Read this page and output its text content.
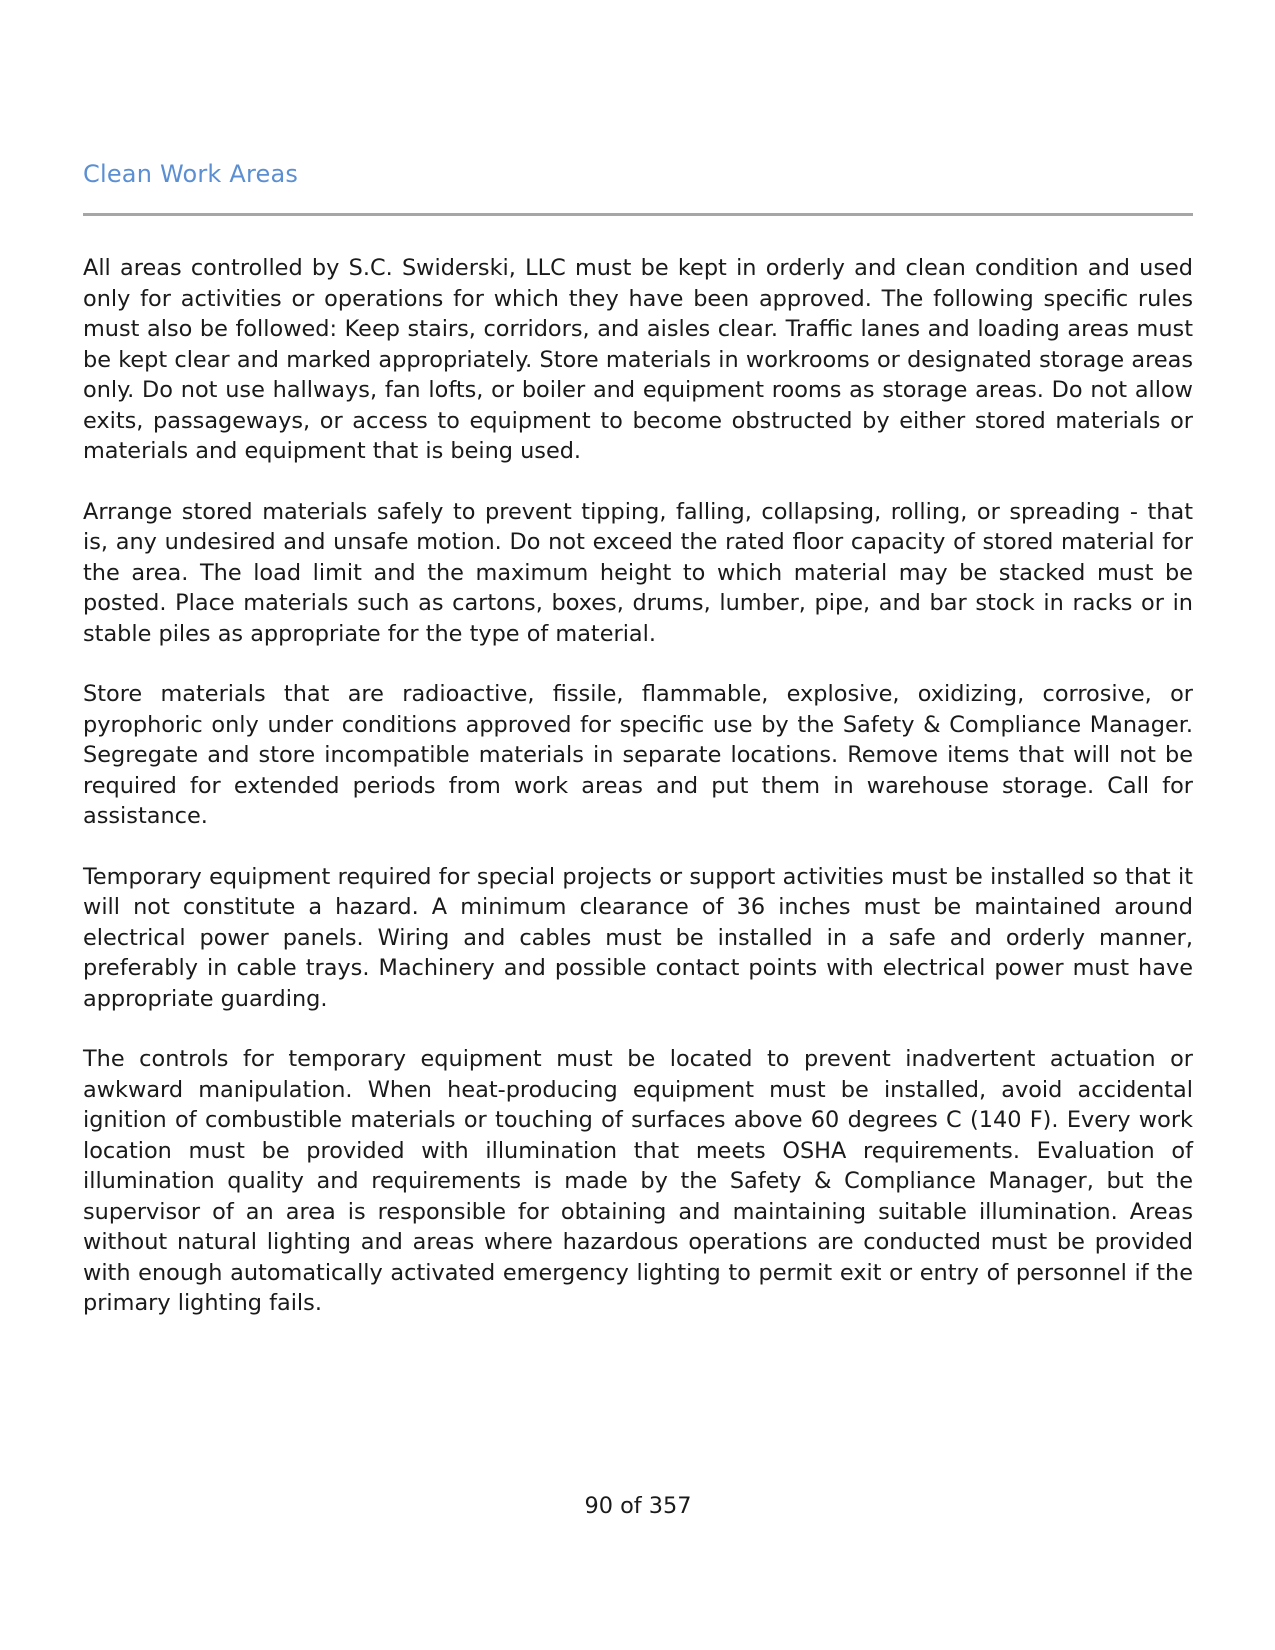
Clean Work Areas

All areas controlled by S.C. Swiderski, LLC must be kept in orderly and clean condition and used only for activities or operations for which they have been approved. The following specific rules must also be followed: Keep stairs, corridors, and aisles clear. Traffic lanes and loading areas must be kept clear and marked appropriately. Store materials in workrooms or designated storage areas only. Do not use hallways, fan lofts, or boiler and equipment rooms as storage areas. Do not allow exits, passageways, or access to equipment to become obstructed by either stored materials or materials and equipment that is being used.

Arrange stored materials safely to prevent tipping, falling, collapsing, rolling, or spreading - that is, any undesired and unsafe motion. Do not exceed the rated floor capacity of stored material for the area. The load limit and the maximum height to which material may be stacked must be posted. Place materials such as cartons, boxes, drums, lumber, pipe, and bar stock in racks or in stable piles as appropriate for the type of material.

Store materials that are radioactive, fissile, flammable, explosive, oxidizing, corrosive, or pyrophoric only under conditions approved for specific use by the Safety & Compliance Manager. Segregate and store incompatible materials in separate locations. Remove items that will not be required for extended periods from work areas and put them in warehouse storage. Call for assistance.

Temporary equipment required for special projects or support activities must be installed so that it will not constitute a hazard. A minimum clearance of 36 inches must be maintained around electrical power panels. Wiring and cables must be installed in a safe and orderly manner, preferably in cable trays. Machinery and possible contact points with electrical power must have appropriate guarding.

The controls for temporary equipment must be located to prevent inadvertent actuation or awkward manipulation. When heat-producing equipment must be installed, avoid accidental ignition of combustible materials or touching of surfaces above 60 degrees C (140 F). Every work location must be provided with illumination that meets OSHA requirements. Evaluation of illumination quality and requirements is made by the Safety & Compliance Manager, but the supervisor of an area is responsible for obtaining and maintaining suitable illumination. Areas without natural lighting and areas where hazardous operations are conducted must be provided with enough automatically activated emergency lighting to permit exit or entry of personnel if the primary lighting fails.

90 of 357
